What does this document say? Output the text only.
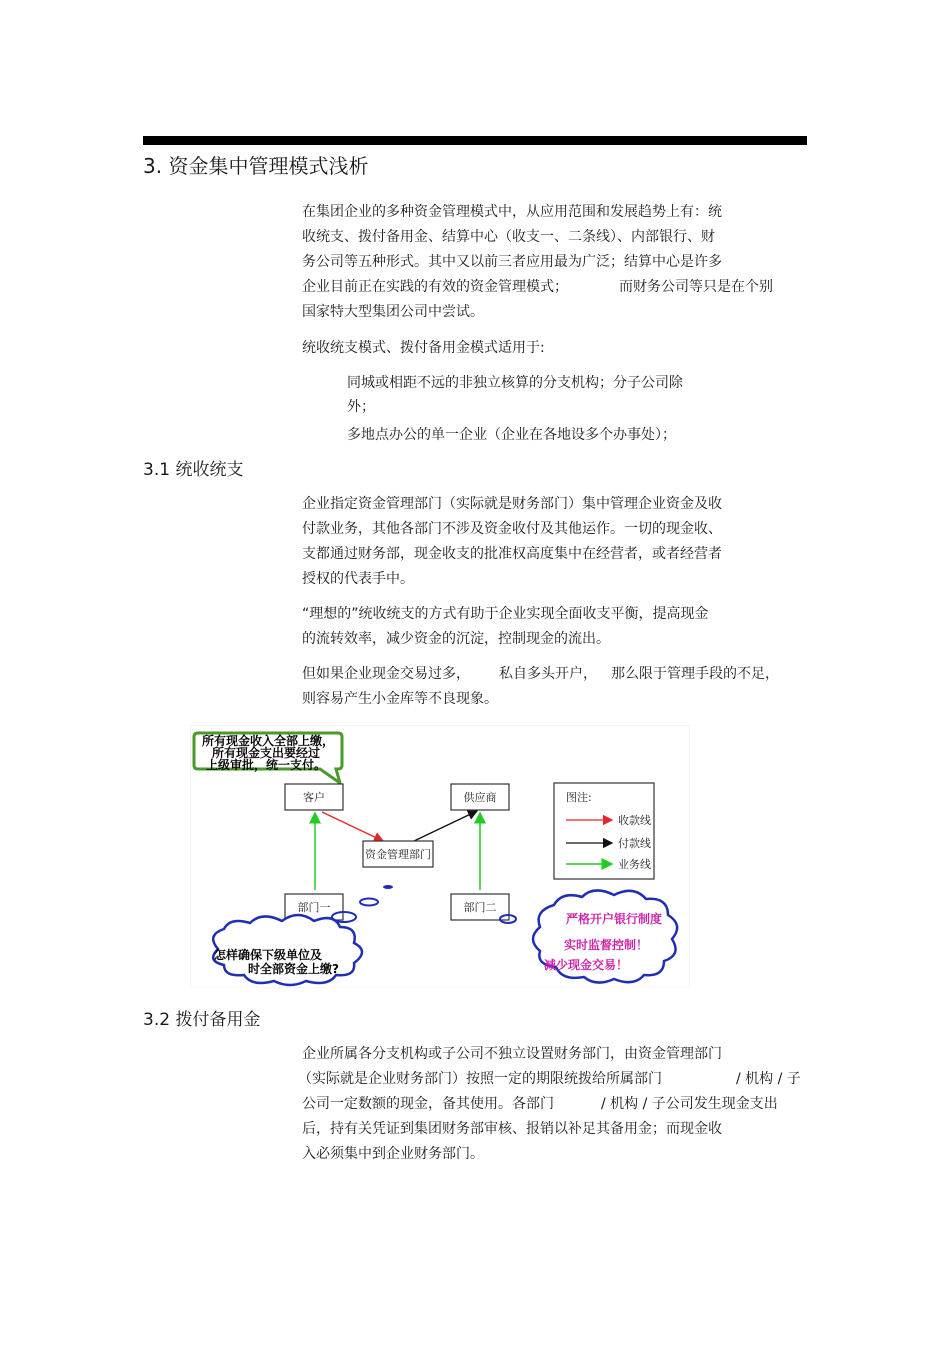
3. 资金集中管理模式浅析
在集团企业的多种资金管理模式中，从应用范围和发展趋势上有：统
收统支、拨付备用金、结算中心（收支一、二条线）、内部银行、财
务公司等五种形式。其中又以前三者应用最为广泛；结算中心是许多
企业目前正在实践的有效的资金管理模式；	而财务公司等只是在个别
国家特大型集团公司中尝试。
统收统支模式、拨付备用金模式适用于:
同城或相距不远的非独立核算的分支机构；分子公司除
外；
多地点办公的单一企业（企业在各地设多个办事处）；
3.1 统收统支
企业指定资金管理部门（实际就是财务部门）集中管理企业资金及收
付款业务，其他各部门不涉及资金收付及其他运作。一切的现金收、
支都通过财务部，现金收支的批准权高度集中在经营者，或者经营者
授权的代表手中。
“理想的”统收统支的方式有助于企业实现全面收支平衡，提高现金
的流转效率，减少资金的沉淀，控制现金的流出。
但如果企业现金交易过多， 私自多头开户， 那么限于管理手段的不足，
则容易产生小金库等不良现象。
所有现金收入全部上缴，
所有现金支出要经过
上级审批，统一支付。
客户	供应商
资金管理部门
部门一	部门二
图注:
收款线
付款线
业务线
怎样确保下级单位及
时全部资金上缴?
严格开户银行制度
实时监督控制！
减少现金交易！
3.2 拨付备用金
企业所属各分支机构或子公司不独立设置财务部门，由资金管理部门
（实际就是企业财务部门）按照一定的期限统拨给所属部门	/ 机构 / 子
公司一定数额的现金，备其使用。各部门	/ 机构 / 子公司发生现金支出
后，持有关凭证到集团财务部审核、报销以补足其备用金；而现金收
入必须集中到企业财务部门。
